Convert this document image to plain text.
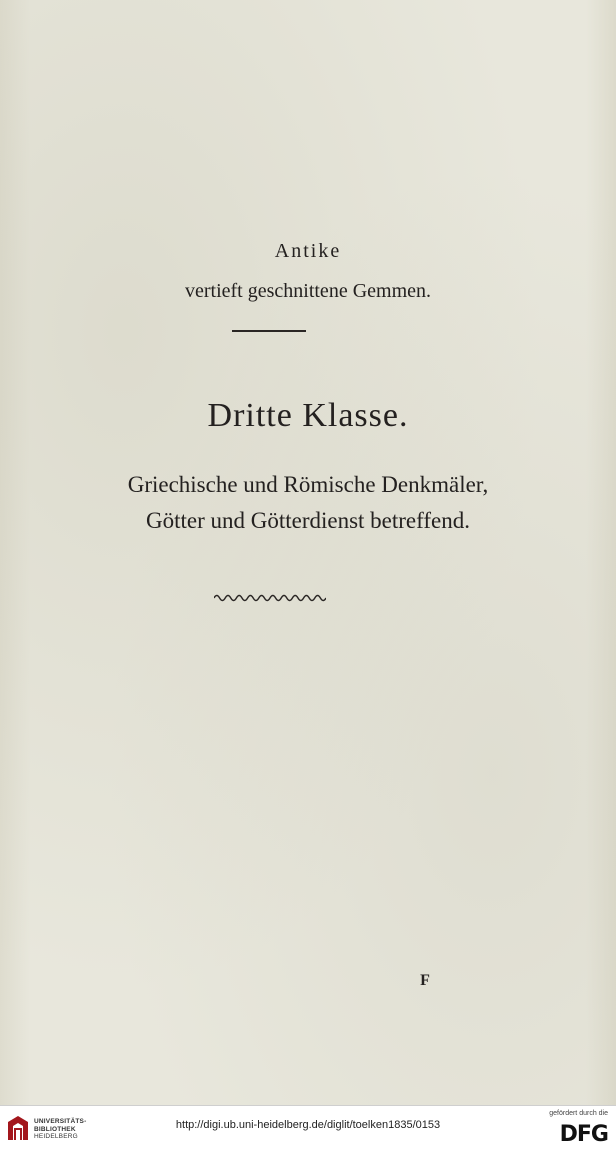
Antike
vertieft geschnittene Gemmen.
Dritte Klasse.
Griechische und Römische Denkmäler,
Götter und Götterdienst betreffend.
F
UNIVERSITÄTS-
BIBLIOTHEK
HEIDELBERG
http://digi.ub.uni-heidelberg.de/diglit/toelken1835/0153
gefördert durch die
DFG
